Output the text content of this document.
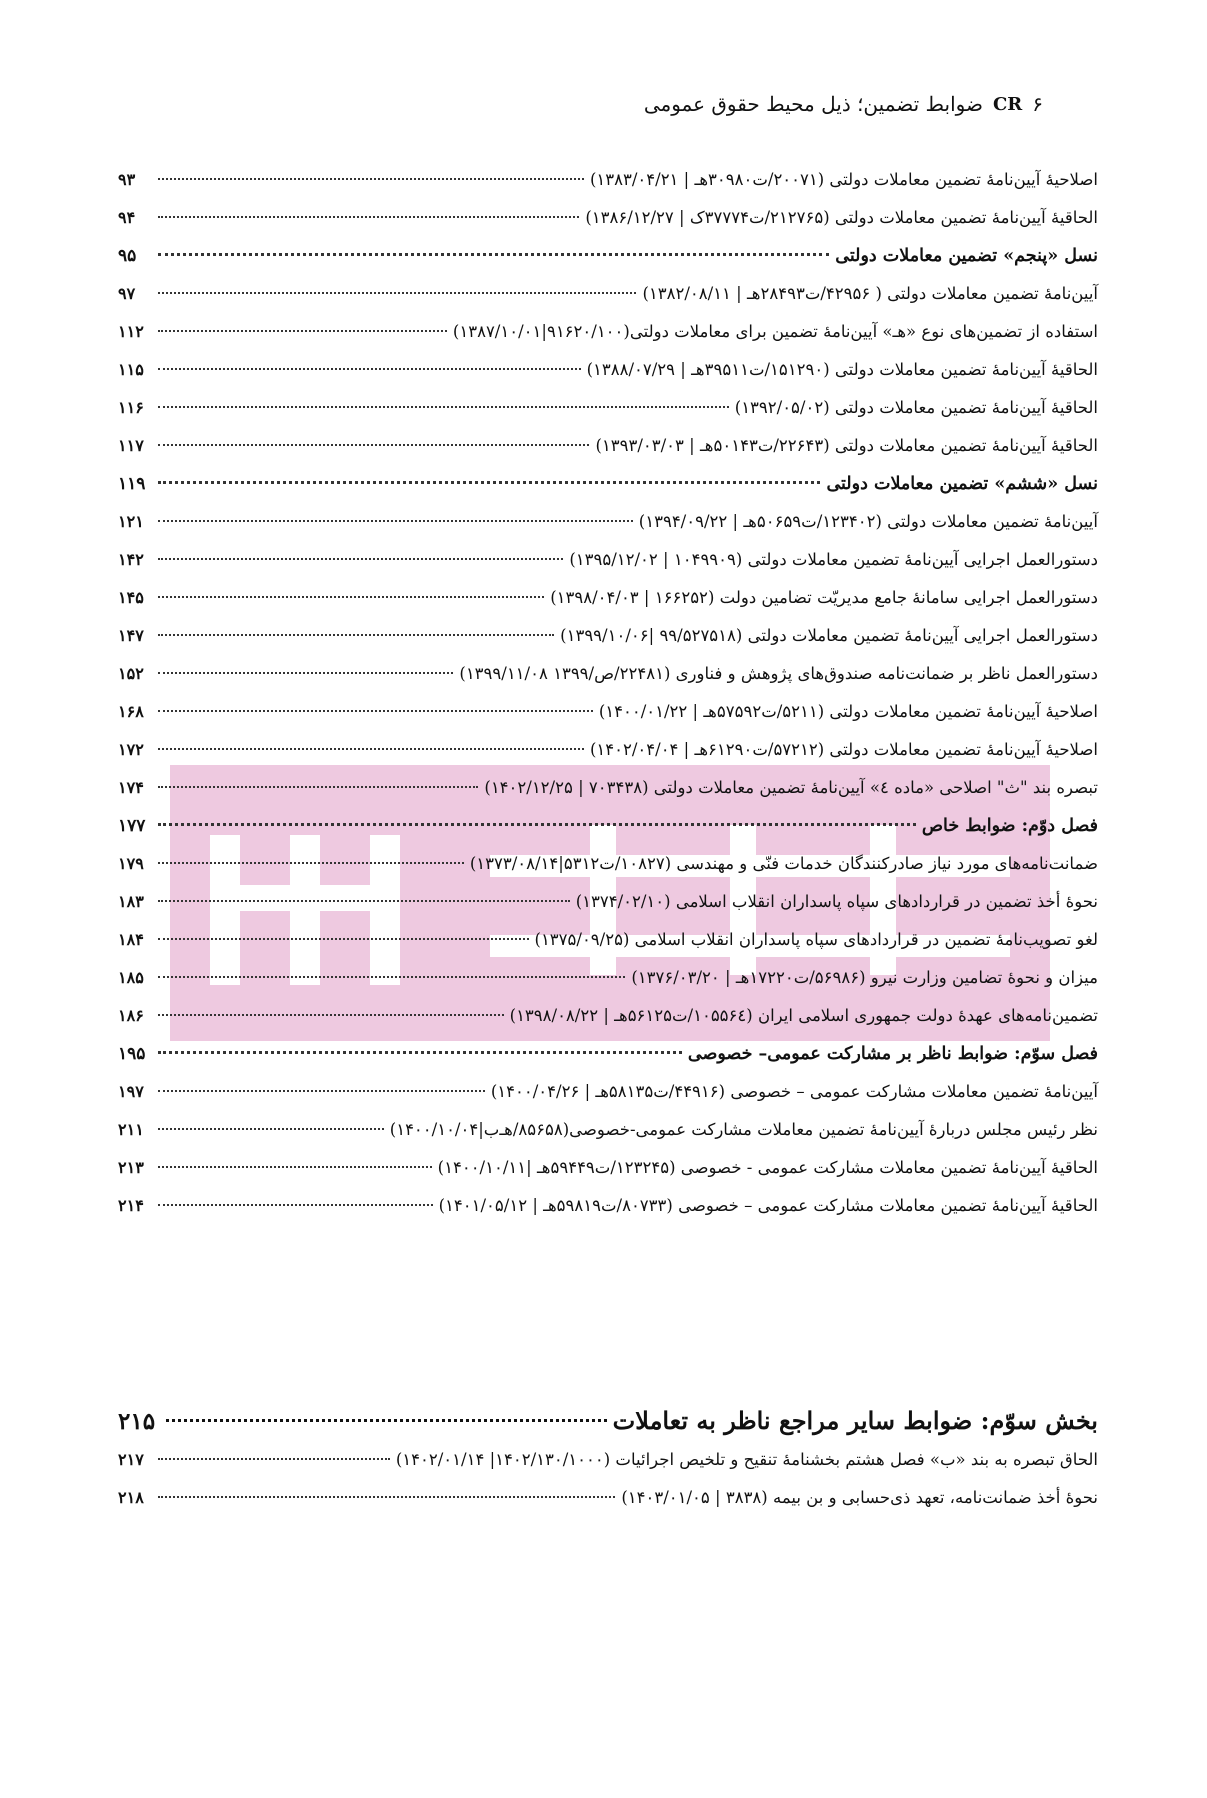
۶
CR
ضوابط تضمین؛ ذیل محیط حقوق عمومی
اصلاحیهٔ آیین‌نامهٔ تضمین معاملات دولتی (۲۰۰۷۱/ت۳۰۹۸۰هـ | ۱۳۸۳/۰۴/۲۱)
۹۳
الحاقیهٔ آیین‌نامهٔ تضمین معاملات دولتی (۲۱۲۷۶۵/ت۳۷۷۷۴ک | ۱۳۸۶/۱۲/۲۷)
۹۴
نسل «پنجم» تضمین معاملات دولتی
۹۵
آیین‌نامهٔ تضمین معاملات دولتی ( ۴۲۹۵۶/ت۲۸۴۹۳هـ | ۱۳۸۲/۰۸/۱۱)
۹۷
استفاده از تضمین‌های نوع «هـ» آیین‌نامهٔ تضمین برای معاملات دولتی(۹۱۶۲۰/۱۰۰|۱۳۸۷/۱۰/۰۱)
۱۱۲
الحاقیهٔ آیین‌نامهٔ تضمین معاملات دولتی (۱۵۱۲۹۰/ت۳۹۵۱۱هـ | ۱۳۸۸/۰۷/۲۹)
۱۱۵
الحاقیهٔ آیین‌نامهٔ تضمین معاملات دولتی (۱۳۹۲/۰۵/۰۲)
۱۱۶
الحاقیهٔ آیین‌نامهٔ تضمین معاملات دولتی (۲۲۶۴۳/ت۵۰۱۴۳هـ | ۱۳۹۳/۰۳/۰۳)
۱۱۷
نسل «ششم» تضمین معاملات دولتی
۱۱۹
آیین‌نامهٔ تضمین معاملات دولتی (۱۲۳۴۰۲/ت۵۰۶۵۹هـ | ۱۳۹۴/۰۹/۲۲)
۱۲۱
دستورالعمل اجرایی آیین‌نامهٔ تضمین معاملات دولتی (۱۰۴۹۹۰۹ | ۱۳۹۵/۱۲/۰۲)
۱۴۲
دستورالعمل اجرایی سامانهٔ جامع مدیریّت تضامین دولت (۱۶۶۲۵۲ | ۱۳۹۸/۰۴/۰۳)
۱۴۵
دستورالعمل اجرایی آیین‌نامهٔ تضمین معاملات دولتی (۹۹/۵۲۷۵۱۸ |۱۳۹۹/۱۰/۰۶)
۱۴۷
دستورالعمل ناظر بر ضمانت‌نامه صندوق‌های پژوهش و فناوری (۲۲۴۸۱/ص/۱۳۹۹ ۱۳۹۹/۱۱/۰۸)
۱۵۲
اصلاحیهٔ آیین‌نامهٔ تضمین معاملات دولتی (۵۲۱۱/ت۵۷۵۹۲هـ | ۱۴۰۰/۰۱/۲۲)
۱۶۸
اصلاحیهٔ آیین‌نامهٔ تضمین معاملات دولتی (۵۷۲۱۲/ت۶۱۲۹۰هـ | ۱۴۰۲/۰۴/۰۴)
۱۷۲
تبصره بند "ث" اصلاحی «ماده ٤» آیین‌نامهٔ تضمین معاملات دولتی (۷۰۳۴۳۸ | ۱۴۰۲/۱۲/۲۵)
۱۷۴
فصل دوّم: ضوابط خاص
۱۷۷
ضمانت‌نامه‌های مورد نیاز صادرکنندگان خدمات فنّی و مهندسی (۱۰۸۲۷/ت۵۳۱۲|۱۳۷۳/۰۸/۱۴)
۱۷۹
نحوهٔ أخذ تضمین در قراردادهای سپاه پاسداران انقلاب اسلامی (۱۳۷۴/۰۲/۱۰)
۱۸۳
لغو تصویب‌نامهٔ تضمین در قراردادهای سپاه پاسداران انقلاب اسلامی (۱۳۷۵/۰۹/۲۵)
۱۸۴
میزان و نحوهٔ تضامین وزارت نیرو (۵۶۹۸۶/ت۱۷۲۲۰هـ | ۱۳۷۶/۰۳/۲۰)
۱۸۵
تضمین‌نامه‌های عهدهٔ دولت جمهوری اسلامی ایران (۱۰۵۵۶٤/ت۵۶۱۲۵هـ | ۱۳۹۸/۰۸/۲۲)
۱۸۶
فصل سوّم: ضوابط ناظر بر مشارکت عمومی– خصوصی
۱۹۵
آیین‌نامهٔ تضمین معاملات مشارکت عمومی – خصوصی (۴۴۹۱۶/ت۵۸۱۳۵هـ | ۱۴۰۰/۰۴/۲۶)
۱۹۷
نظر رئیس مجلس دربارهٔ آیین‌نامهٔ تضمین معاملات مشارکت عمومی-خصوصی(۸۵۶۵۸/هـ‌ب|۱۴۰۰/۱۰/۰۴)
۲۱۱
الحاقیهٔ آیین‌نامهٔ تضمین معاملات مشارکت عمومی - خصوصی (۱۲۳۲۴۵/ت۵۹۴۴۹هـ |۱۴۰۰/۱۰/۱۱)
۲۱۳
الحاقیهٔ آیین‌نامهٔ تضمین معاملات مشارکت عمومی – خصوصی (۸۰۷۳۳/ت۵۹۸۱۹هـ | ۱۴۰۱/۰۵/۱۲)
۲۱۴
بخش سوّم: ضوابط سایر مراجع ناظر به تعاملات
۲۱۵
الحاق تبصره به بند «ب» فصل هشتم بخشنامهٔ تنقیح و تلخیص اجرائیات (۱۴۰۲/۱۳۰/۱۰۰۰| ۱۴۰۲/۰۱/۱۴)
۲۱۷
نحوهٔ أخذ ضمانت‌نامه، تعهد ذی‌حسابی و بن بیمه (۳۸۳۸ | ۱۴۰۳/۰۱/۰۵)
۲۱۸
